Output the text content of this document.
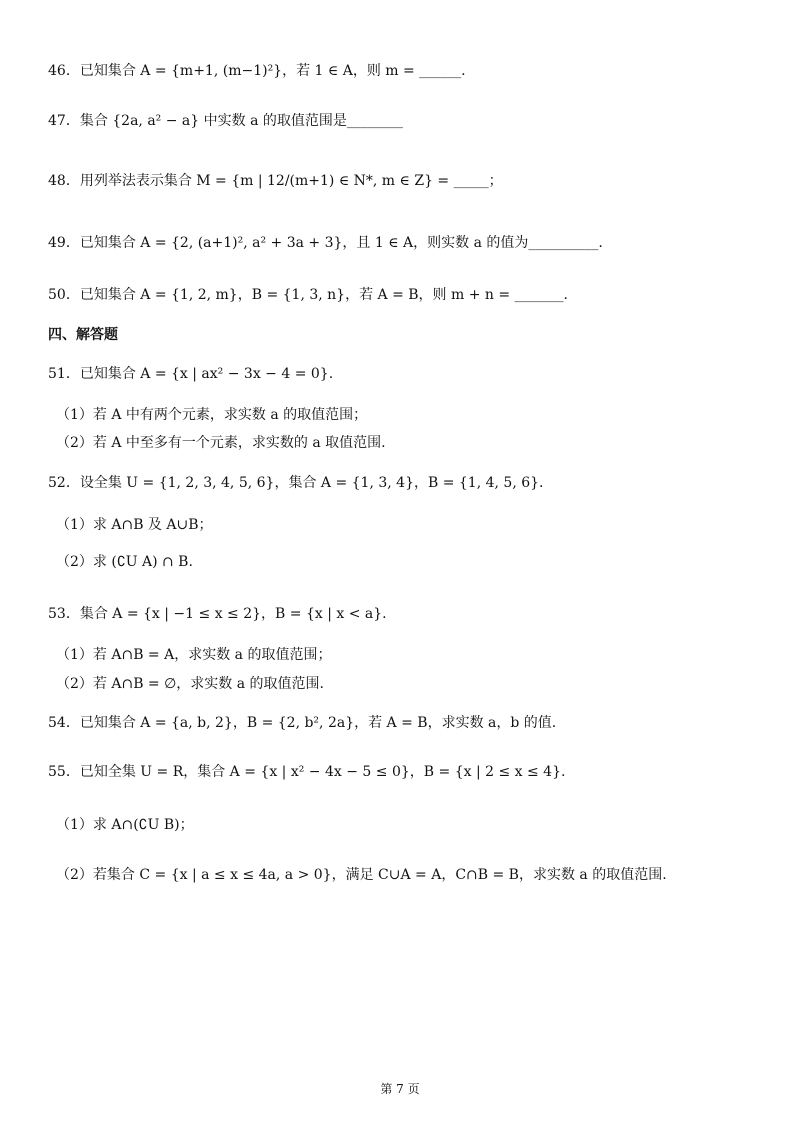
46．已知集合 A = {m+1, (m−1)²}，若 1 ∈ A，则 m = ______.
47．集合 {2a, a² − a} 中实数 a 的取值范围是________
48．用列举法表示集合 M = {m | 12/(m+1) ∈ N*, m ∈ Z} = _____；
49．已知集合 A = {2, (a+1)², a² + 3a + 3}，且 1 ∈ A，则实数 a 的值为__________.
50．已知集合 A = {1, 2, m}，B = {1, 3, n}，若 A = B，则 m + n = _______.
四、解答题
51．已知集合 A = {x | ax² − 3x − 4 = 0}.
（1）若 A 中有两个元素，求实数 a 的取值范围；
（2）若 A 中至多有一个元素，求实数的 a 取值范围.
52．设全集 U = {1, 2, 3, 4, 5, 6}，集合 A = {1, 3, 4}，B = {1, 4, 5, 6}.
（1）求 A∩B 及 A∪B；
（2）求 (∁U A) ∩ B.
53．集合 A = {x | −1 ≤ x ≤ 2}，B = {x | x < a}.
（1）若 A∩B = A，求实数 a 的取值范围；
（2）若 A∩B = ∅，求实数 a 的取值范围.
54．已知集合 A = {a, b, 2}，B = {2, b², 2a}，若 A = B，求实数 a，b 的值.
55．已知全集 U = R，集合 A = {x | x² − 4x − 5 ≤ 0}，B = {x | 2 ≤ x ≤ 4}.
（1）求 A∩(∁U B)；
（2）若集合 C = {x | a ≤ x ≤ 4a, a > 0}，满足 C∪A = A，C∩B = B，求实数 a 的取值范围.
第 7 页
